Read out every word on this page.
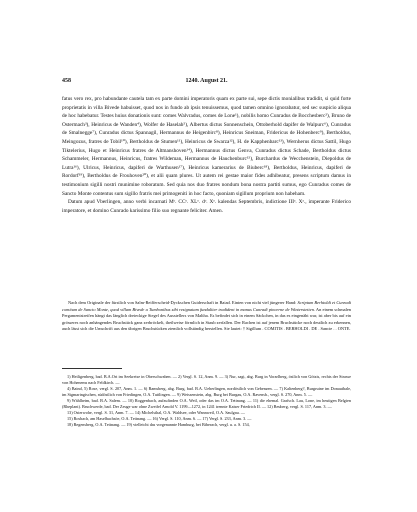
458	1240. August 21.

fatus vero rex, pro habundante cautela tam ex parte domini imperatoris quam ex parte sui, sepe dictis monialibus tradidit, si quid forte proprietatis in villa Bivede habuisset, quod nos in fundo ab ipsis tenuissemus, quod tamen omnino ignorabatur, sed sec suspicio aliqua de hoc habebatur. Testes huius donationis sunt: comes Walvradus, comes de Lone¹), nobilis homo Cunradus de Bocchesberc²), Bruno de Ostermach³), Heinricus de Wanden⁴), Wolfer de Haselah⁵), Albertus dictus Sonnenschein, Ottoberhold dapifer de Walpurc⁶), Cunradus de Smalnegge⁷), Cunradus dictus Spannagil, Hermannus de Heigenbirc⁸), Heinricus Sneiman, Fridericus de Hohenberc⁹), Bertholdus, Meingozus, fratres de Tobil¹⁰), Bertholdus de Stumen¹¹), Heinricus de Swarza¹²), H. de Kapphenbarc¹³), Wernherus dictus Sattil, Hugo Tiktelerius, Hugo et Heinricus fratres de Altmanshoven¹⁴), Hermannus dictus Genva, Cunradus dictus Schade, Bertholdus dictus Schammeler, Hermannus, Heinricus, fratres Wildeman, Hermannus de Hauchenburc¹⁵), Burchardus de Wecchenstein, Diepoldus de Lutra¹⁶), Ulricus, Heinricus, dapiferi de Warthusen¹⁷), Heinricus kamerarius de Biuberc¹⁸), Bertholdus, Heinricus, dapiferi de Rordorf¹⁹), Bertholdus de Frouhoven²⁰), et alii quam plures. Ut autem rei gestae maior fides adhibeatur, presens scriptum damus in testimonium sigilli nostri munimine roboratum. Sed quia nos duo fratres nondum bona nostra partiti sumus, ego Cunradus comes de Sancto Monte contentus sum sigillo fratris mei primogeniti in hoc facto, quoniam sigillum proprium non habeham.

Datum apud Vberlingen, anno verbi incarnati Mᵒ. CCᵒ. XLᵒ. dᵒ. Xᵒ. kalendas Septembris, indictione IIIᵃ. Xᵃ., imperante Friderico imperatore, et domino Cunrado karissimo filio suo regnante feliciter. Amen.

Nach dem Originale der fürstlich von Salm-Reifferscheid-Dyckschen Guiderschaft in Baiad. Einten von nicht viel jüngerer Hand: Scriptum Berhtoldi et Cunradi comitum de Sancto Monte, quod villam Bivede a Tumbonibus sibi resignatam fundaliter tradident in manus Cunradi pincerne de Winterstetten. An einem schmalen Pergamentstreifen hängt das länglich dreieckige Siegel des Ausstellers von Maltha. Es befindet sich in einem Säckchen, in das es eingenäht war, ist aber bis auf ein grösseres noch anhängendes Bruchstück ganz zerbröckelt, theilweise förmlich in Staub zerfallen. Der Rachen ist auf jenem Bruchstücke noch deutlich zu erkennen, auch lässt sich die Umschrift aus den übrigen Bruchstücken ziemlich vollständig herstellen. Sie lautet: † Sigillum . COMITIS . BERHOLDI . DE . Sancte . . ONTE.

1) Heiligenberg, bad. B.A.Ort im Seekreise in Oberschwaben. — 2) Vergl. S. 12, Anm. 9. — 3) Nur, sagt, abg. Burg in Vorarlberg, östlich von Götzis, rechts der Strasse von Hohenems nach Feldkirch. —

4) Baind, 5) Rose, vergl. S. 207, Anm. 1. — 6) Ramsberg, abg. Burg, bad. B.A. Ueberlingen, nordöstlich von Gebenzen. — 7) Kaltenberg?, Burgruine im Donautbale, im Sigmaringischen, südöstlich von Friedingen, O.A. Tuttlingen. — 9) Weissenstein, abg. Burg bei Burgau, O.A. Ravensb., vergl. S. 270, Anm. 5. —

9) Wählheim, bad. B.A. Salem. — 10) Roggenbach, aufzufinden O.A. Weil, oder das im O.A. Tettnang. — 11) die ehemal. Grafsch. Lau, Lone, im heutigen Belgien (Rheplant). Bruchwerde, bad. Der Zeuge war ohne Zweifel Arnold V. 1199—1272, in 1241 trennte Kaiser Friedrich II. — 12) Beuberg, vergl. S. 117, Anm. 3. —

13) Osterwohe, vergl. S. 31, Anm. 7. — 14) Michelsthal, O.A. Waldsee, oder Wannweil, O.A. Saulgau. —

15) Rosbach, am Haselbachsöe, O.A. Tettnang. — 16) Vergl. S. 110, Anm. 6. — 17) Vergl. S. 233, Anm. 3. —

18) Regensberg, O.A. Tettnang. — 19) vielleicht das vorgenannte Hamburg, bei Biberach, vergl. u. a. S. 154,
